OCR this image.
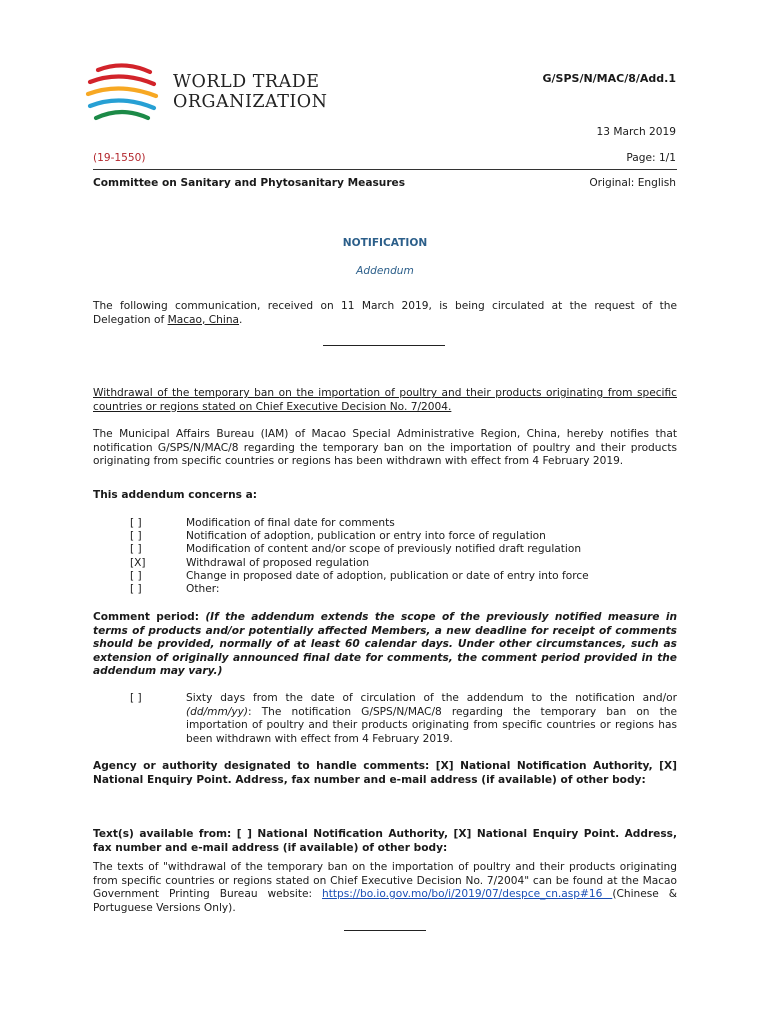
WORLD TRADE
ORGANIZATION
G/SPS/N/MAC/8/Add.1
13 March 2019
(19-1550)	Page: 1/1
Committee on Sanitary and Phytosanitary Measures	Original: English
NOTIFICATION
Addendum
The following communication, received on 11 March 2019, is being circulated at the request of the Delegation of Macao, China.
Withdrawal of the temporary ban on the importation of poultry and their products originating from specific countries or regions stated on Chief Executive Decision No. 7/2004.
The Municipal Affairs Bureau (IAM) of Macao Special Administrative Region, China, hereby notifies that notification G/SPS/N/MAC/8 regarding the temporary ban on the importation of poultry and their products originating from specific countries or regions has been withdrawn with effect from 4 February 2019.
This addendum concerns a:
[ ]	Modification of final date for comments
[ ]	Notification of adoption, publication or entry into force of regulation
[ ]	Modification of content and/or scope of previously notified draft regulation
[X]	Withdrawal of proposed regulation
[ ]	Change in proposed date of adoption, publication or date of entry into force
[ ]	Other:
Comment period: (If the addendum extends the scope of the previously notified measure in terms of products and/or potentially affected Members, a new deadline for receipt of comments should be provided, normally of at least 60 calendar days. Under other circumstances, such as extension of originally announced final date for comments, the comment period provided in the addendum may vary.)
[ ]	Sixty days from the date of circulation of the addendum to the notification and/or (dd/mm/yy): The notification G/SPS/N/MAC/8 regarding the temporary ban on the importation of poultry and their products originating from specific countries or regions has been withdrawn with effect from 4 February 2019.
Agency or authority designated to handle comments: [X] National Notification Authority, [X] National Enquiry Point. Address, fax number and e-mail address (if available) of other body:
Text(s) available from: [ ] National Notification Authority, [X] National Enquiry Point. Address, fax number and e-mail address (if available) of other body:
The texts of "withdrawal of the temporary ban on the importation of poultry and their products originating from specific countries or regions stated on Chief Executive Decision No. 7/2004" can be found at the Macao Government Printing Bureau website: https://bo.io.gov.mo/bo/i/2019/07/despce_cn.asp#16 (Chinese & Portuguese Versions Only).
